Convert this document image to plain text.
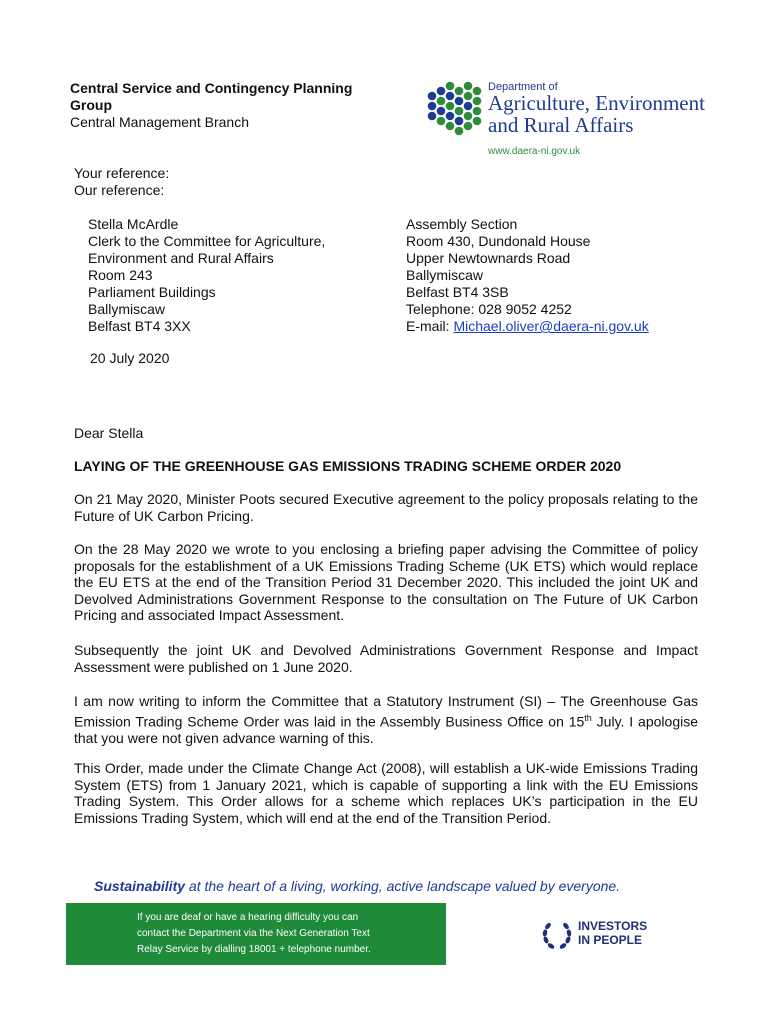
Central Service and Contingency Planning Group
Central Management Branch
Department of
Agriculture, Environment
and Rural Affairs
www.daera-ni.gov.uk
Your reference:
Our reference:
Stella McArdle
Clerk to the Committee for Agriculture,
Environment and Rural Affairs
Room 243
Parliament Buildings
Ballymiscaw
Belfast BT4 3XX
Assembly Section
Room 430, Dundonald House
Upper Newtownards Road
Ballymiscaw
Belfast BT4 3SB
Telephone: 028 9052 4252
E-mail: Michael.oliver@daera-ni.gov.uk
20 July 2020
Dear Stella
LAYING OF THE GREENHOUSE GAS EMISSIONS TRADING SCHEME ORDER 2020

On 21 May 2020, Minister Poots secured Executive agreement to the policy proposals relating to the Future of UK Carbon Pricing.

On the 28 May 2020 we wrote to you enclosing a briefing paper advising the Committee of policy proposals for the establishment of a UK Emissions Trading Scheme (UK ETS) which would replace the EU ETS at the end of the Transition Period 31 December 2020. This included the joint UK and Devolved Administrations Government Response to the consultation on The Future of UK Carbon Pricing and associated Impact Assessment.

Subsequently the joint UK and Devolved Administrations Government Response and Impact Assessment were published on 1 June 2020.

I am now writing to inform the Committee that a Statutory Instrument (SI) – The Greenhouse Gas Emission Trading Scheme Order was laid in the Assembly Business Office on 15th July. I apologise that you were not given advance warning of this.

This Order, made under the Climate Change Act (2008), will establish a UK-wide Emissions Trading System (ETS) from 1 January 2021, which is capable of supporting a link with the EU Emissions Trading System. This Order allows for a scheme which replaces UK’s participation in the EU Emissions Trading System, which will end at the end of the Transition Period.

Sustainability at the heart of a living, working, active landscape valued by everyone.
If you are deaf or have a hearing difficulty you can
contact the Department via the Next Generation Text
Relay Service by dialling 18001 + telephone number.
INVESTORS
IN PEOPLE
